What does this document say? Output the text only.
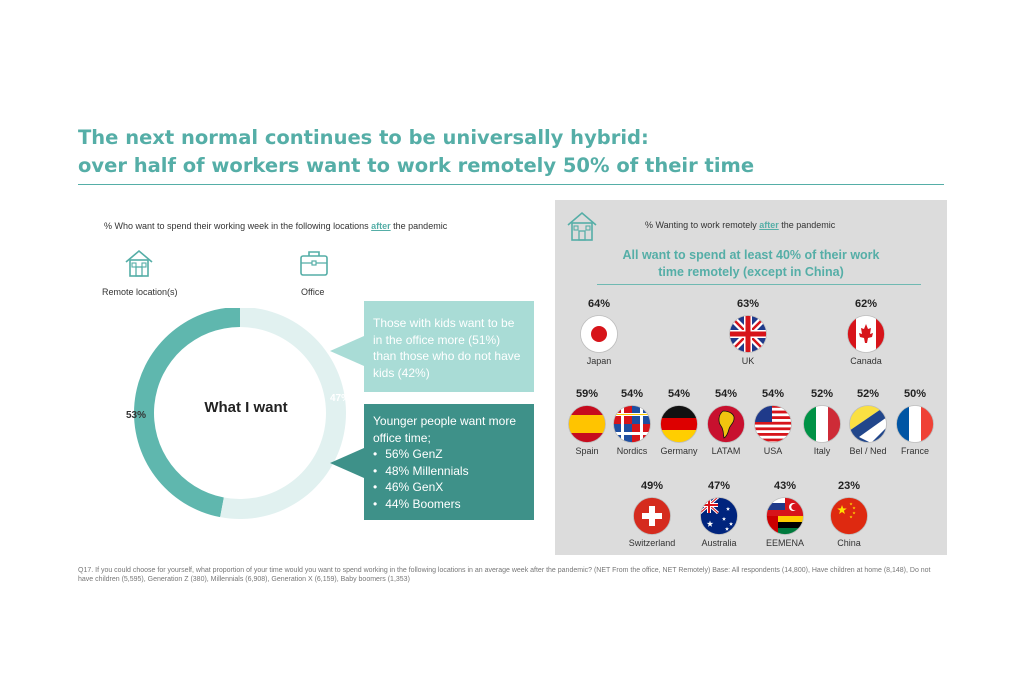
The next normal continues to be universally hybrid:
over half of workers want to work remotely 50% of their time
% Who want to spend their working week in the following locations after the pandemic
Remote location(s)	Office
53%
47%
What I want
Those with kids want to be in the office more (51%) than those who do not have kids (42%)
Younger people want more office time;
• 56% GenZ
• 48% Millennials
• 46% GenX
• 44% Boomers
% Wanting to work remotely after the pandemic
All want to spend at least 40% of their work
time remotely (except in China)
64%
Japan
63%
UK
62%
Canada
59%
Spain
54%
Nordics
54%
Germany
54%
LATAM
54%
USA
52%
Italy
52%
Bel / Ned
50%
France
49%
Switzerland
47%
Australia
43%
EEMENA
23%
China
Q17. If you could choose for yourself, what proportion of your time would you want to spend working in the following locations in an average week after the pandemic? (NET From the office, NET Remotely) Base: All respondents (14,800), Have children at home (8,148), Do not have children (5,595), Generation Z (380), Millennials (6,908), Generation X (6,159), Baby boomers (1,353)
